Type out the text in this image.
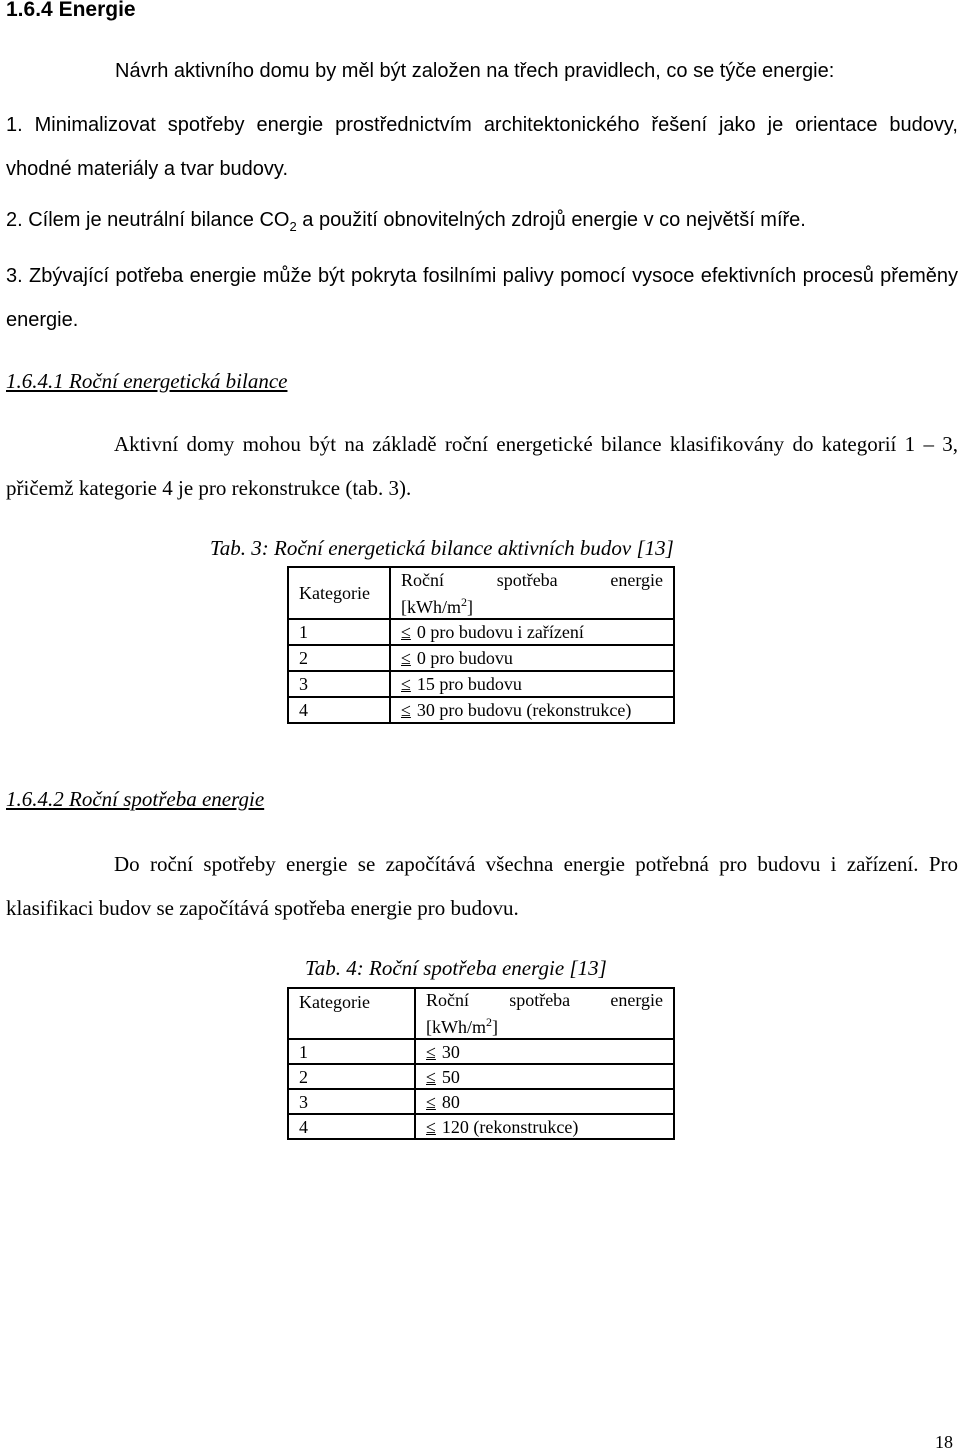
1.6.4 Energie
Návrh aktivního domu by měl být založen na třech pravidlech, co se týče energie:
1. Minimalizovat spotřeby energie prostřednictvím architektonického řešení jako je orientace budovy, vhodné materiály a tvar budovy.
2. Cílem je neutrální bilance $CO_2$ a použití obnovitelných zdrojů energie v co největší míře.
3. Zbývající potřeba energie může být pokryta fosilními palivy pomocí vysoce efektivních procesů přeměny energie.
1.6.4.1 Roční energetická bilance
Aktivní domy mohou být na základě roční energetické bilance klasifikovány do kategorií 1 – 3, přičemž kategorie 4 je pro rekonstrukce (tab. 3).
Tab. 3: Roční energetická bilance aktivních budov [13]
Kategorie	Roční spotřeba energie
$[kWh/m^2]$

1	≤ 0 pro budovu i zařízení
2	≤ 0 pro budovu
3	≤ 15 pro budovu
4	≤ 30 pro budovu (rekonstrukce)
1.6.4.2 Roční spotřeba energie
Do roční spotřeby energie se započítává všechna energie potřebná pro budovu i zařízení. Pro klasifikaci budov se započítává spotřeba energie pro budovu.
Tab. 4: Roční spotřeba energie [13]
Kategorie	Roční spotřeba energie
$[kWh/m^2]$

1	≤ 30
2	≤ 50
3	≤ 80
4	≤ 120 (rekonstrukce)
18
